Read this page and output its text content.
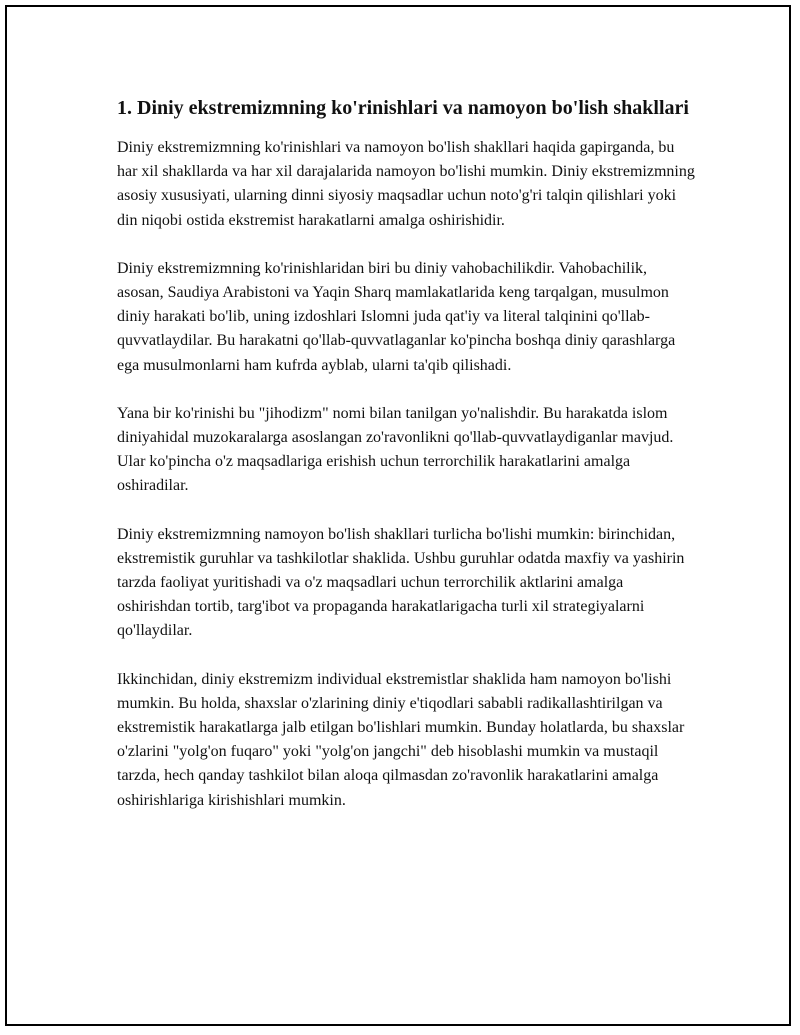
1. Diniy ekstremizmning ko'rinishlari va namoyon bo'lish shakllari

Diniy ekstremizmning ko'rinishlari va namoyon bo'lish shakllari haqida gapirganda, bu har xil shakllarda va har xil darajalarida namoyon bo'lishi mumkin. Diniy ekstremizmning asosiy xususiyati, ularning dinni siyosiy maqsadlar uchun noto'g'ri talqin qilishlari yoki din niqobi ostida ekstremist harakatlarni amalga oshirishidir.

Diniy ekstremizmning ko'rinishlaridan biri bu diniy vahobachilikdir. Vahobachilik, asosan, Saudiya Arabistoni va Yaqin Sharq mamlakatlarida keng tarqalgan, musulmon diniy harakati bo'lib, uning izdoshlari Islomni juda qat'iy va literal talqinini qo'llab-quvvatlaydilar. Bu harakatni qo'llab-quvvatlaganlar ko'pincha boshqa diniy qarashlarga ega musulmonlarni ham kufrda ayblab, ularni ta'qib qilishadi.

Yana bir ko'rinishi bu "jihodizm" nomi bilan tanilgan yo'nalishdir. Bu harakatda islom diniyahidal muzokaralarga asoslangan zo'ravonlikni qo'llab-quvvatlaydiganlar mavjud. Ular ko'pincha o'z maqsadlariga erishish uchun terrorchilik harakatlarini amalga oshiradilar.

Diniy ekstremizmning namoyon bo'lish shakllari turlicha bo'lishi mumkin: birinchidan, ekstremistik guruhlar va tashkilotlar shaklida. Ushbu guruhlar odatda maxfiy va yashirin tarzda faoliyat yuritishadi va o'z maqsadlari uchun terrorchilik aktlarini amalga oshirishdan tortib, targ'ibot va propaganda harakatlarigacha turli xil strategiyalarni qo'llaydilar.

Ikkinchidan, diniy ekstremizm individual ekstremistlar shaklida ham namoyon bo'lishi mumkin. Bu holda, shaxslar o'zlarining diniy e'tiqodlari sababli radikallashtirilgan va ekstremistik harakatlarga jalb etilgan bo'lishlari mumkin. Bunday holatlarda, bu shaxslar o'zlarini "yolg'on fuqaro" yoki "yolg'on jangchi" deb hisoblashi mumkin va mustaqil tarzda, hech qanday tashkilot bilan aloqa qilmasdan zo'ravonlik harakatlarini amalga oshirishlariga kirishishlari mumkin.
